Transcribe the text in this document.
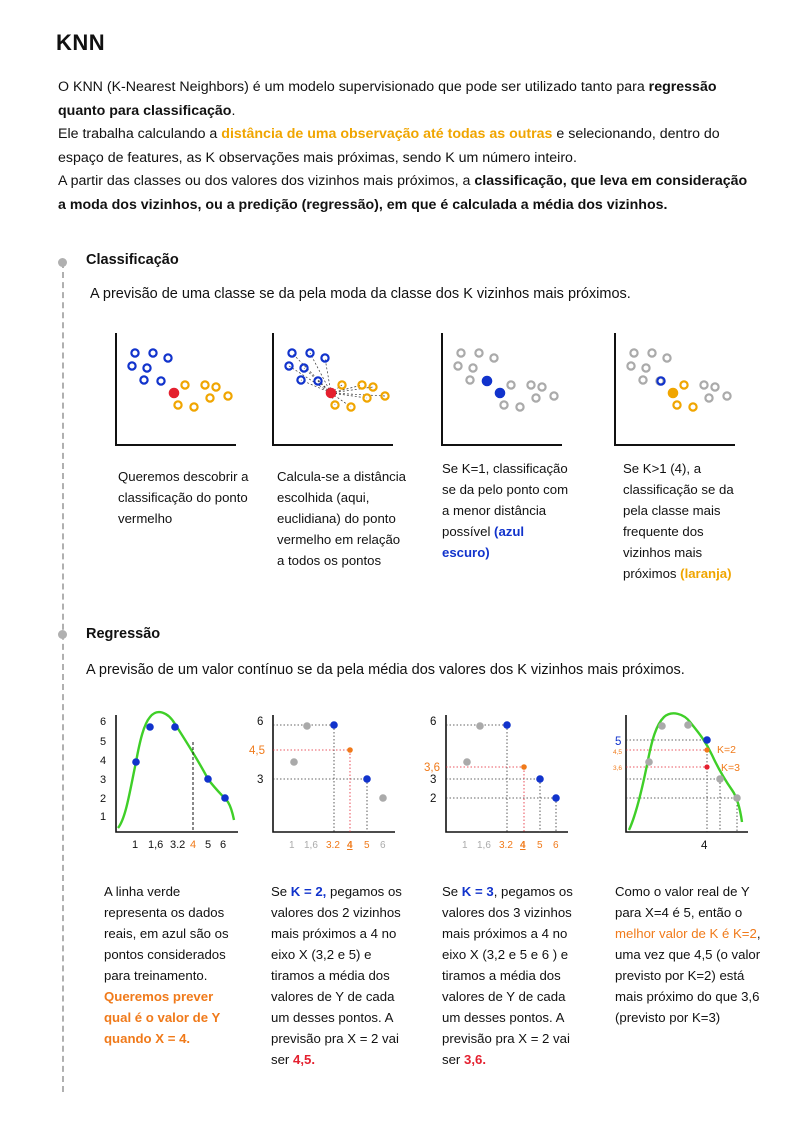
KNN

O KNN (K-Nearest Neighbors) é um modelo supervisionado que pode ser utilizado tanto para regressão quanto para classificação.

Ele trabalha calculando a distância de uma observação até todas as outras e selecionando, dentro do espaço de features, as K observações mais próximas, sendo K um número inteiro.

A partir das classes ou dos valores dos vizinhos mais próximos, a classificação, que leva em consideração a moda dos vizinhos, ou a predição (regressão), em que é calculada a média dos vizinhos.

Classificação
A previsão de uma classe se da pela moda da classe dos K vizinhos mais próximos.
Queremos descobrir a classificação do ponto vermelho
Calcula-se a distância escolhida (aqui, euclidiana) do ponto vermelho em relação a todos os pontos
Se K=1, classificação se da pelo ponto com a menor distância possível (azul escuro)
Se K>1 (4), a classificação se da pela classe mais frequente dos vizinhos mais próximos (laranja)
Regressão
A previsão de um valor contínuo se da pela média dos valores dos K vizinhos mais próximos.
6
5
4
3
2
1
1 1,6 3.2 4 5 6
6
4,5
3
1 1,6 3.2 4 5 6
6
3,6
3
2
1 1,6 3.2 4 5 6
5
4,5
3,6
K=2
K=3
4
A linha verde representa os dados reais, em azul são os pontos considerados para treinamento. Queremos prever qual é o valor de Y quando X = 4.
Se K = 2, pegamos os valores dos 2 vizinhos mais próximos a 4 no eixo X (3,2 e 5) e tiramos a média dos valores de Y de cada um desses pontos. A previsão pra X = 2 vai ser 4,5.
Se K = 3, pegamos os valores dos 3 vizinhos mais próximos a 4 no eixo X (3,2 e 5 e 6 ) e tiramos a média dos valores de Y de cada um desses pontos. A previsão pra X = 2 vai ser 3,6.
Como o valor real de Y para X=4 é 5, então o melhor valor de K é K=2, uma vez que 4,5 (o valor previsto por K=2) está mais próximo do que 3,6 (previsto por K=3)
